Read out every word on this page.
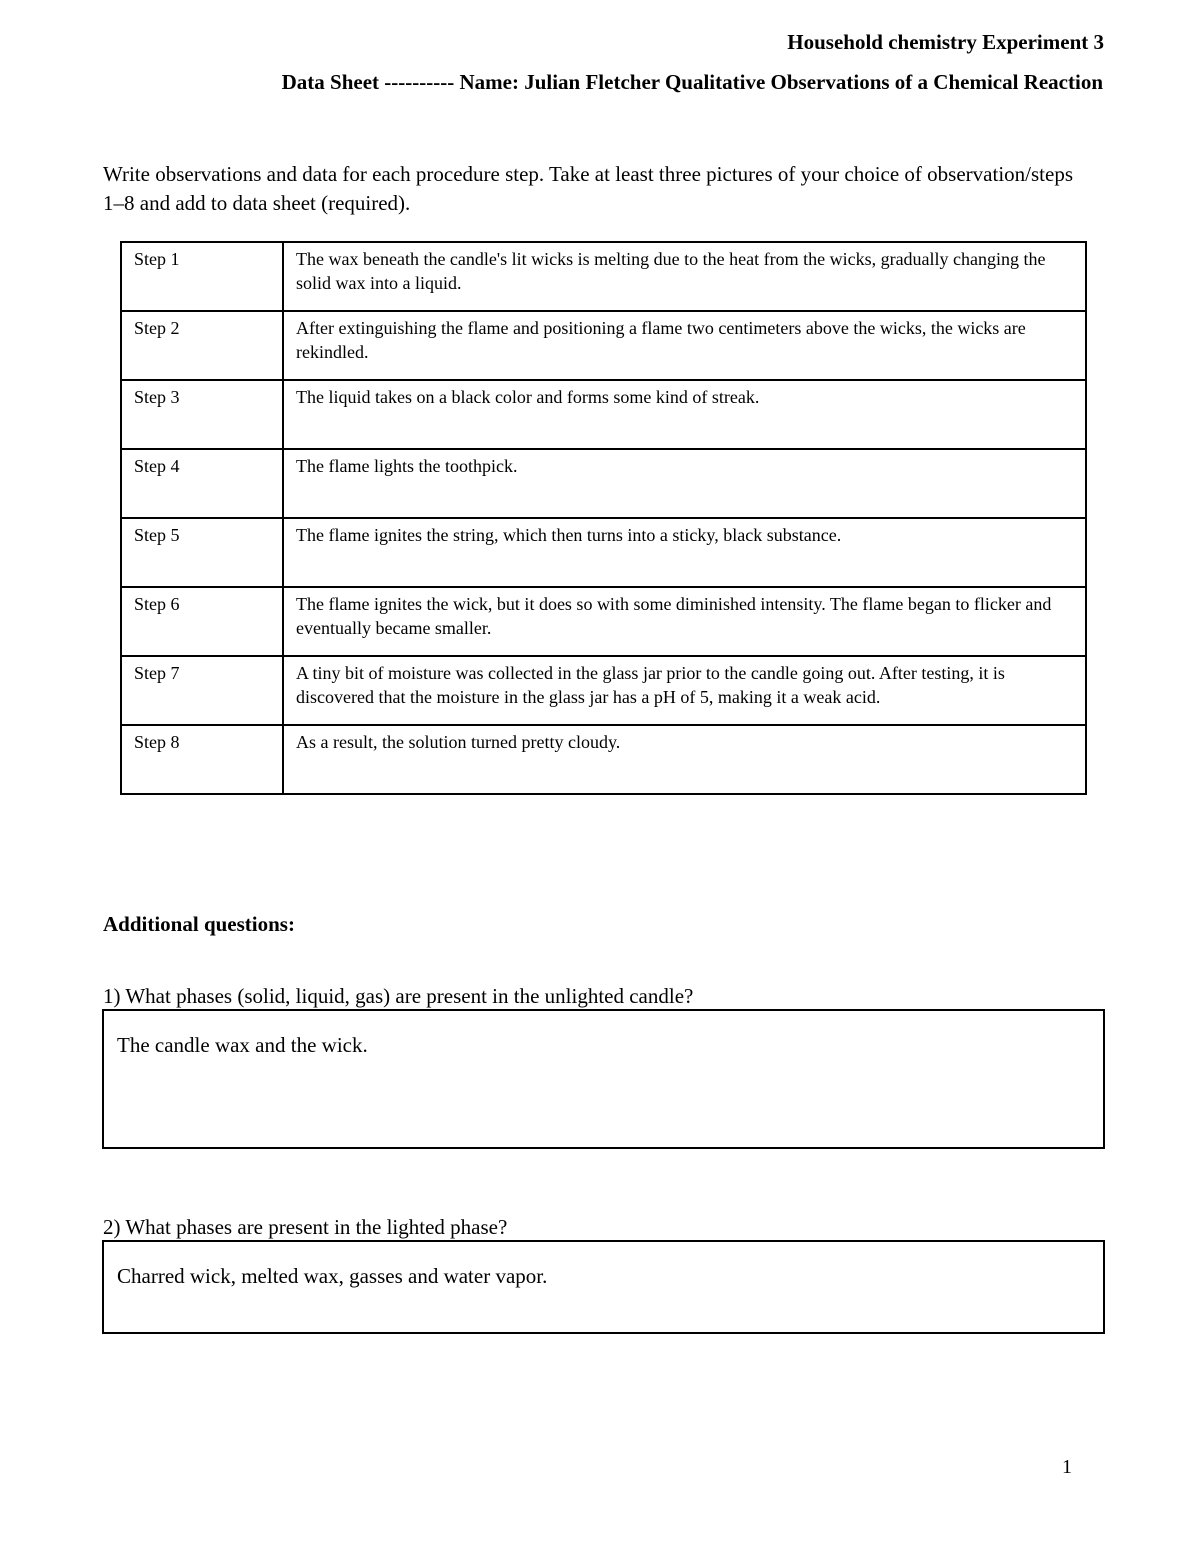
Household chemistry Experiment 3
Data Sheet ---------- Name: Julian Fletcher Qualitative Observations of a Chemical Reaction
Write observations and data for each procedure step. Take at least three pictures of your choice of observation/steps 1–8 and add to data sheet (required).
Step 1	The wax beneath the candle's lit wicks is melting due to the heat from the wicks, gradually changing the solid wax into a liquid.
Step 2	After extinguishing the flame and positioning a flame two centimeters above the wicks, the wicks are rekindled.
Step 3	The liquid takes on a black color and forms some kind of streak.
Step 4	The flame lights the toothpick.
Step 5	The flame ignites the string, which then turns into a sticky, black substance.
Step 6	The flame ignites the wick, but it does so with some diminished intensity. The flame began to flicker and eventually became smaller.
Step 7	A tiny bit of moisture was collected in the glass jar prior to the candle going out. After testing, it is discovered that the moisture in the glass jar has a pH of 5, making it a weak acid.
Step 8	As a result, the solution turned pretty cloudy.
Additional questions:
1) What phases (solid, liquid, gas) are present in the unlighted candle?
The candle wax and the wick.
2) What phases are present in the lighted phase?
Charred wick, melted wax, gasses and water vapor.
1
